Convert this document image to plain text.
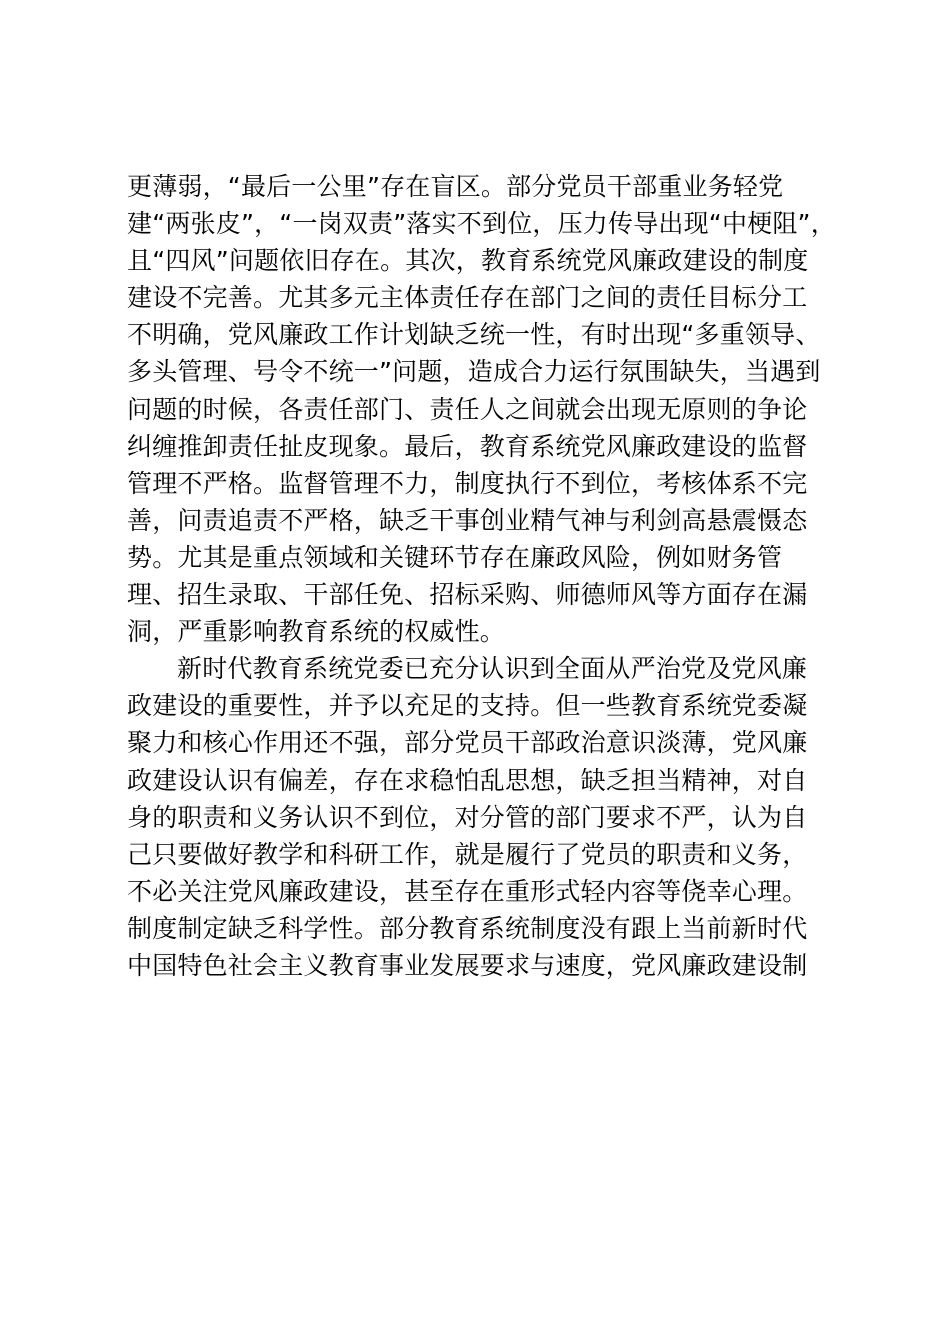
更薄弱，“最后一公里”存在盲区。部分党员干部重业务轻党
建“两张皮”，“一岗双责”落实不到位，压力传导出现“中梗阻”，
且“四风”问题依旧存在。其次，教育系统党风廉政建设的制度
建设不完善。尤其多元主体责任存在部门之间的责任目标分工
不明确，党风廉政工作计划缺乏统一性，有时出现“多重领导、
多头管理、号令不统一”问题，造成合力运行氛围缺失，当遇到
问题的时候，各责任部门、责任人之间就会出现无原则的争论
纠缠推卸责任扯皮现象。最后，教育系统党风廉政建设的监督
管理不严格。监督管理不力，制度执行不到位，考核体系不完
善，问责追责不严格，缺乏干事创业精气神与利剑高悬震慑态
势。尤其是重点领域和关键环节存在廉政风险，例如财务管
理、招生录取、干部任免、招标采购、师德师风等方面存在漏
洞，严重影响教育系统的权威性。
新时代教育系统党委已充分认识到全面从严治党及党风廉
政建设的重要性，并予以充足的支持。但一些教育系统党委凝
聚力和核心作用还不强，部分党员干部政治意识淡薄，党风廉
政建设认识有偏差，存在求稳怕乱思想，缺乏担当精神，对自
身的职责和义务认识不到位，对分管的部门要求不严，认为自
己只要做好教学和科研工作，就是履行了党员的职责和义务，
不必关注党风廉政建设，甚至存在重形式轻内容等侥幸心理。
制度制定缺乏科学性。部分教育系统制度没有跟上当前新时代
中国特色社会主义教育事业发展要求与速度，党风廉政建设制
